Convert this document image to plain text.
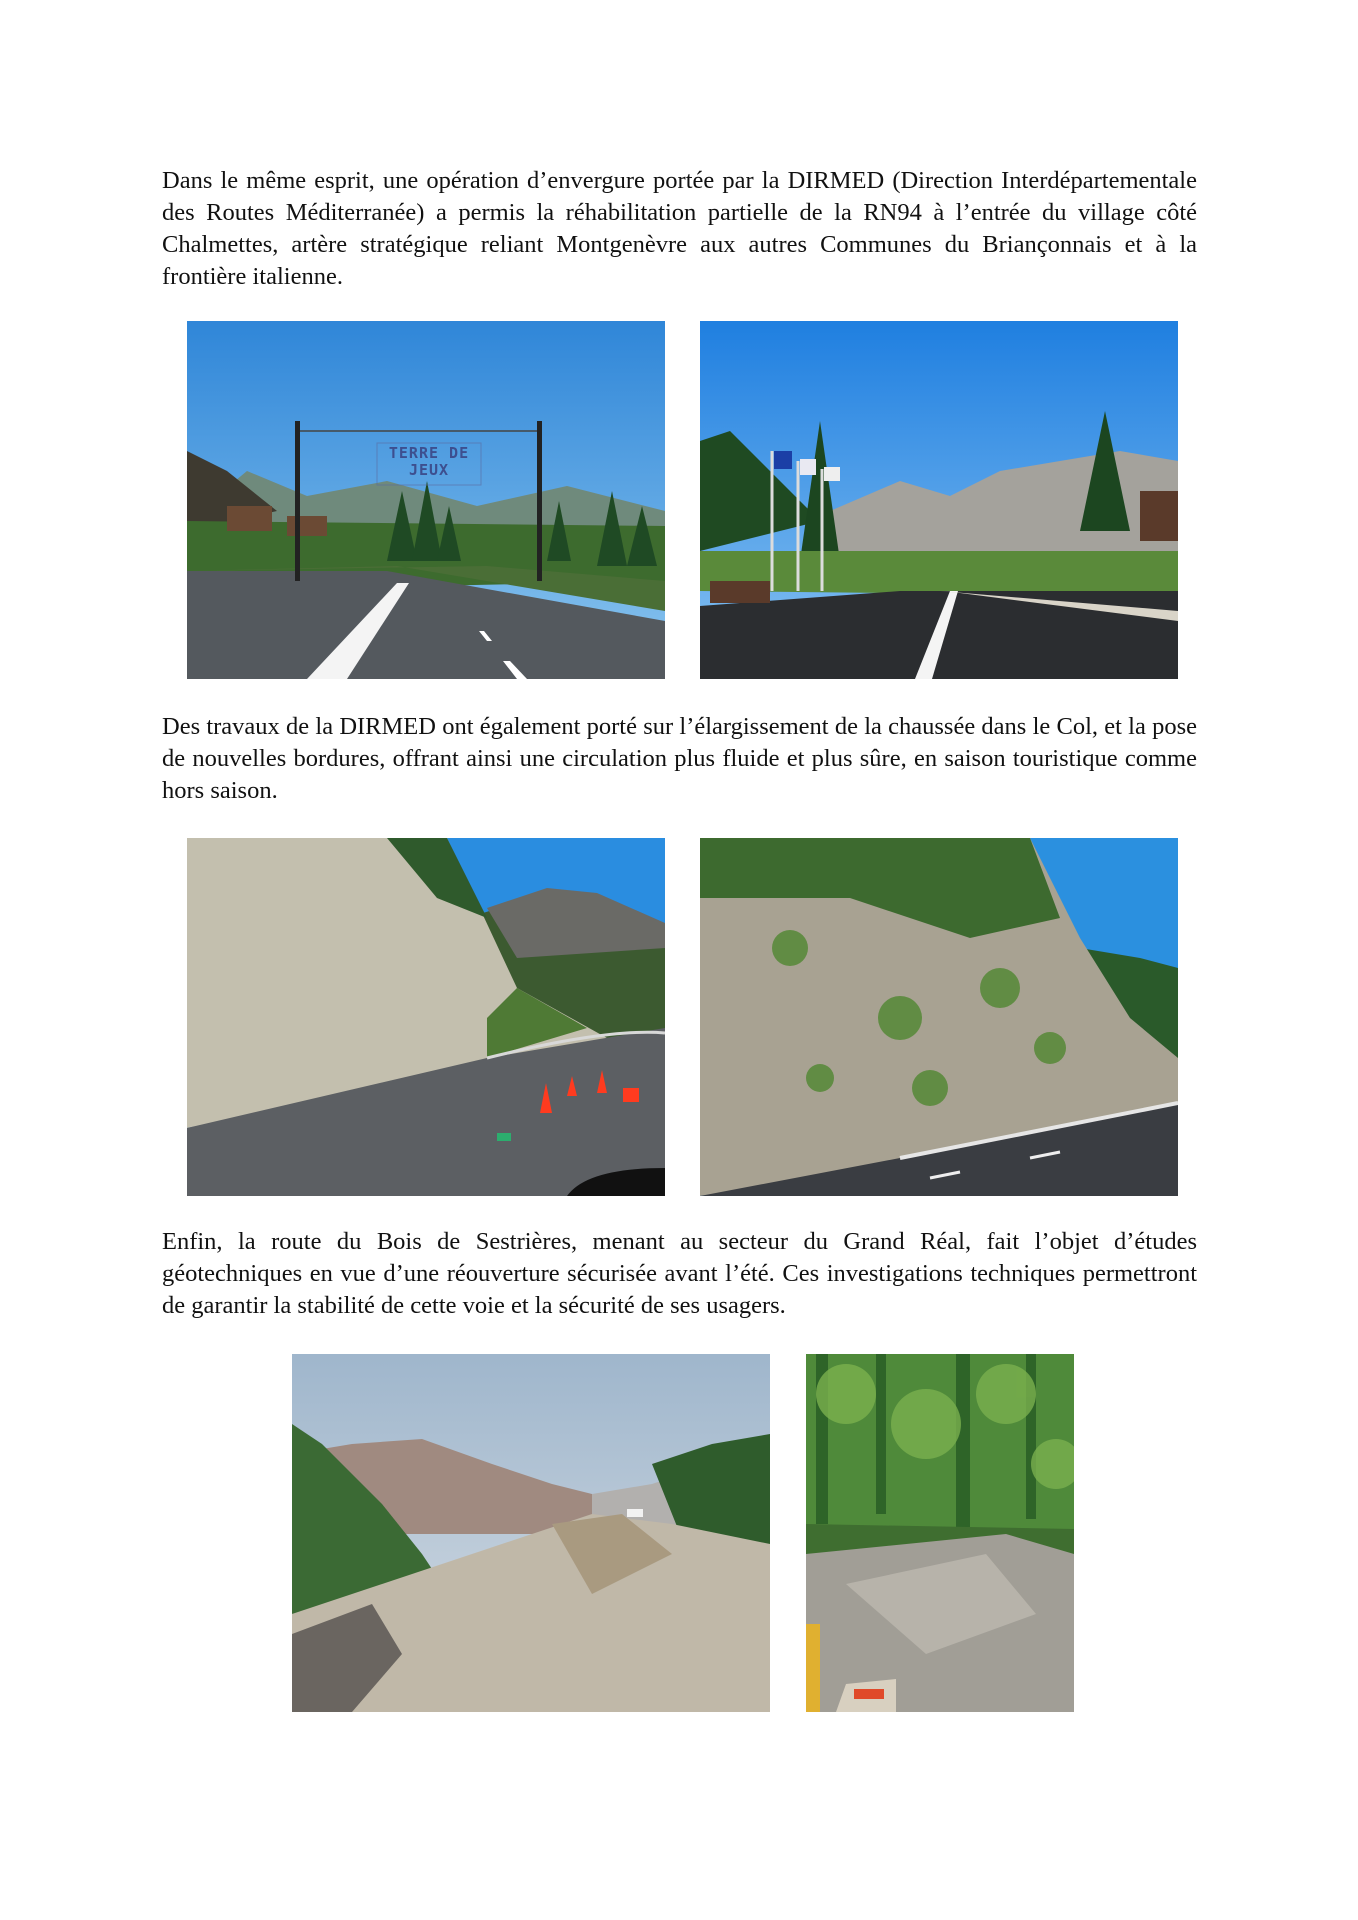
Dans le même esprit, une opération d’envergure portée par la DIRMED (Direction Interdépartementale des Routes Méditerranée) a permis la réhabilitation partielle de la RN94 à l’entrée du village côté Chalmettes, artère stratégique reliant Montgenèvre aux autres Communes du Briançonnais et à la frontière italienne.

TERRE DE JEUX

Des travaux de la DIRMED ont également porté sur l’élargissement de la chaussée dans le Col, et la pose de nouvelles bordures, offrant ainsi une circulation plus fluide et plus sûre, en saison touristique comme hors saison.

Enfin, la route du Bois de Sestrières, menant au secteur du Grand Réal, fait l’objet d’études géotechniques en vue d’une réouverture sécurisée avant l’été. Ces investigations techniques permettront de garantir la stabilité de cette voie et la sécurité de ses usagers.
